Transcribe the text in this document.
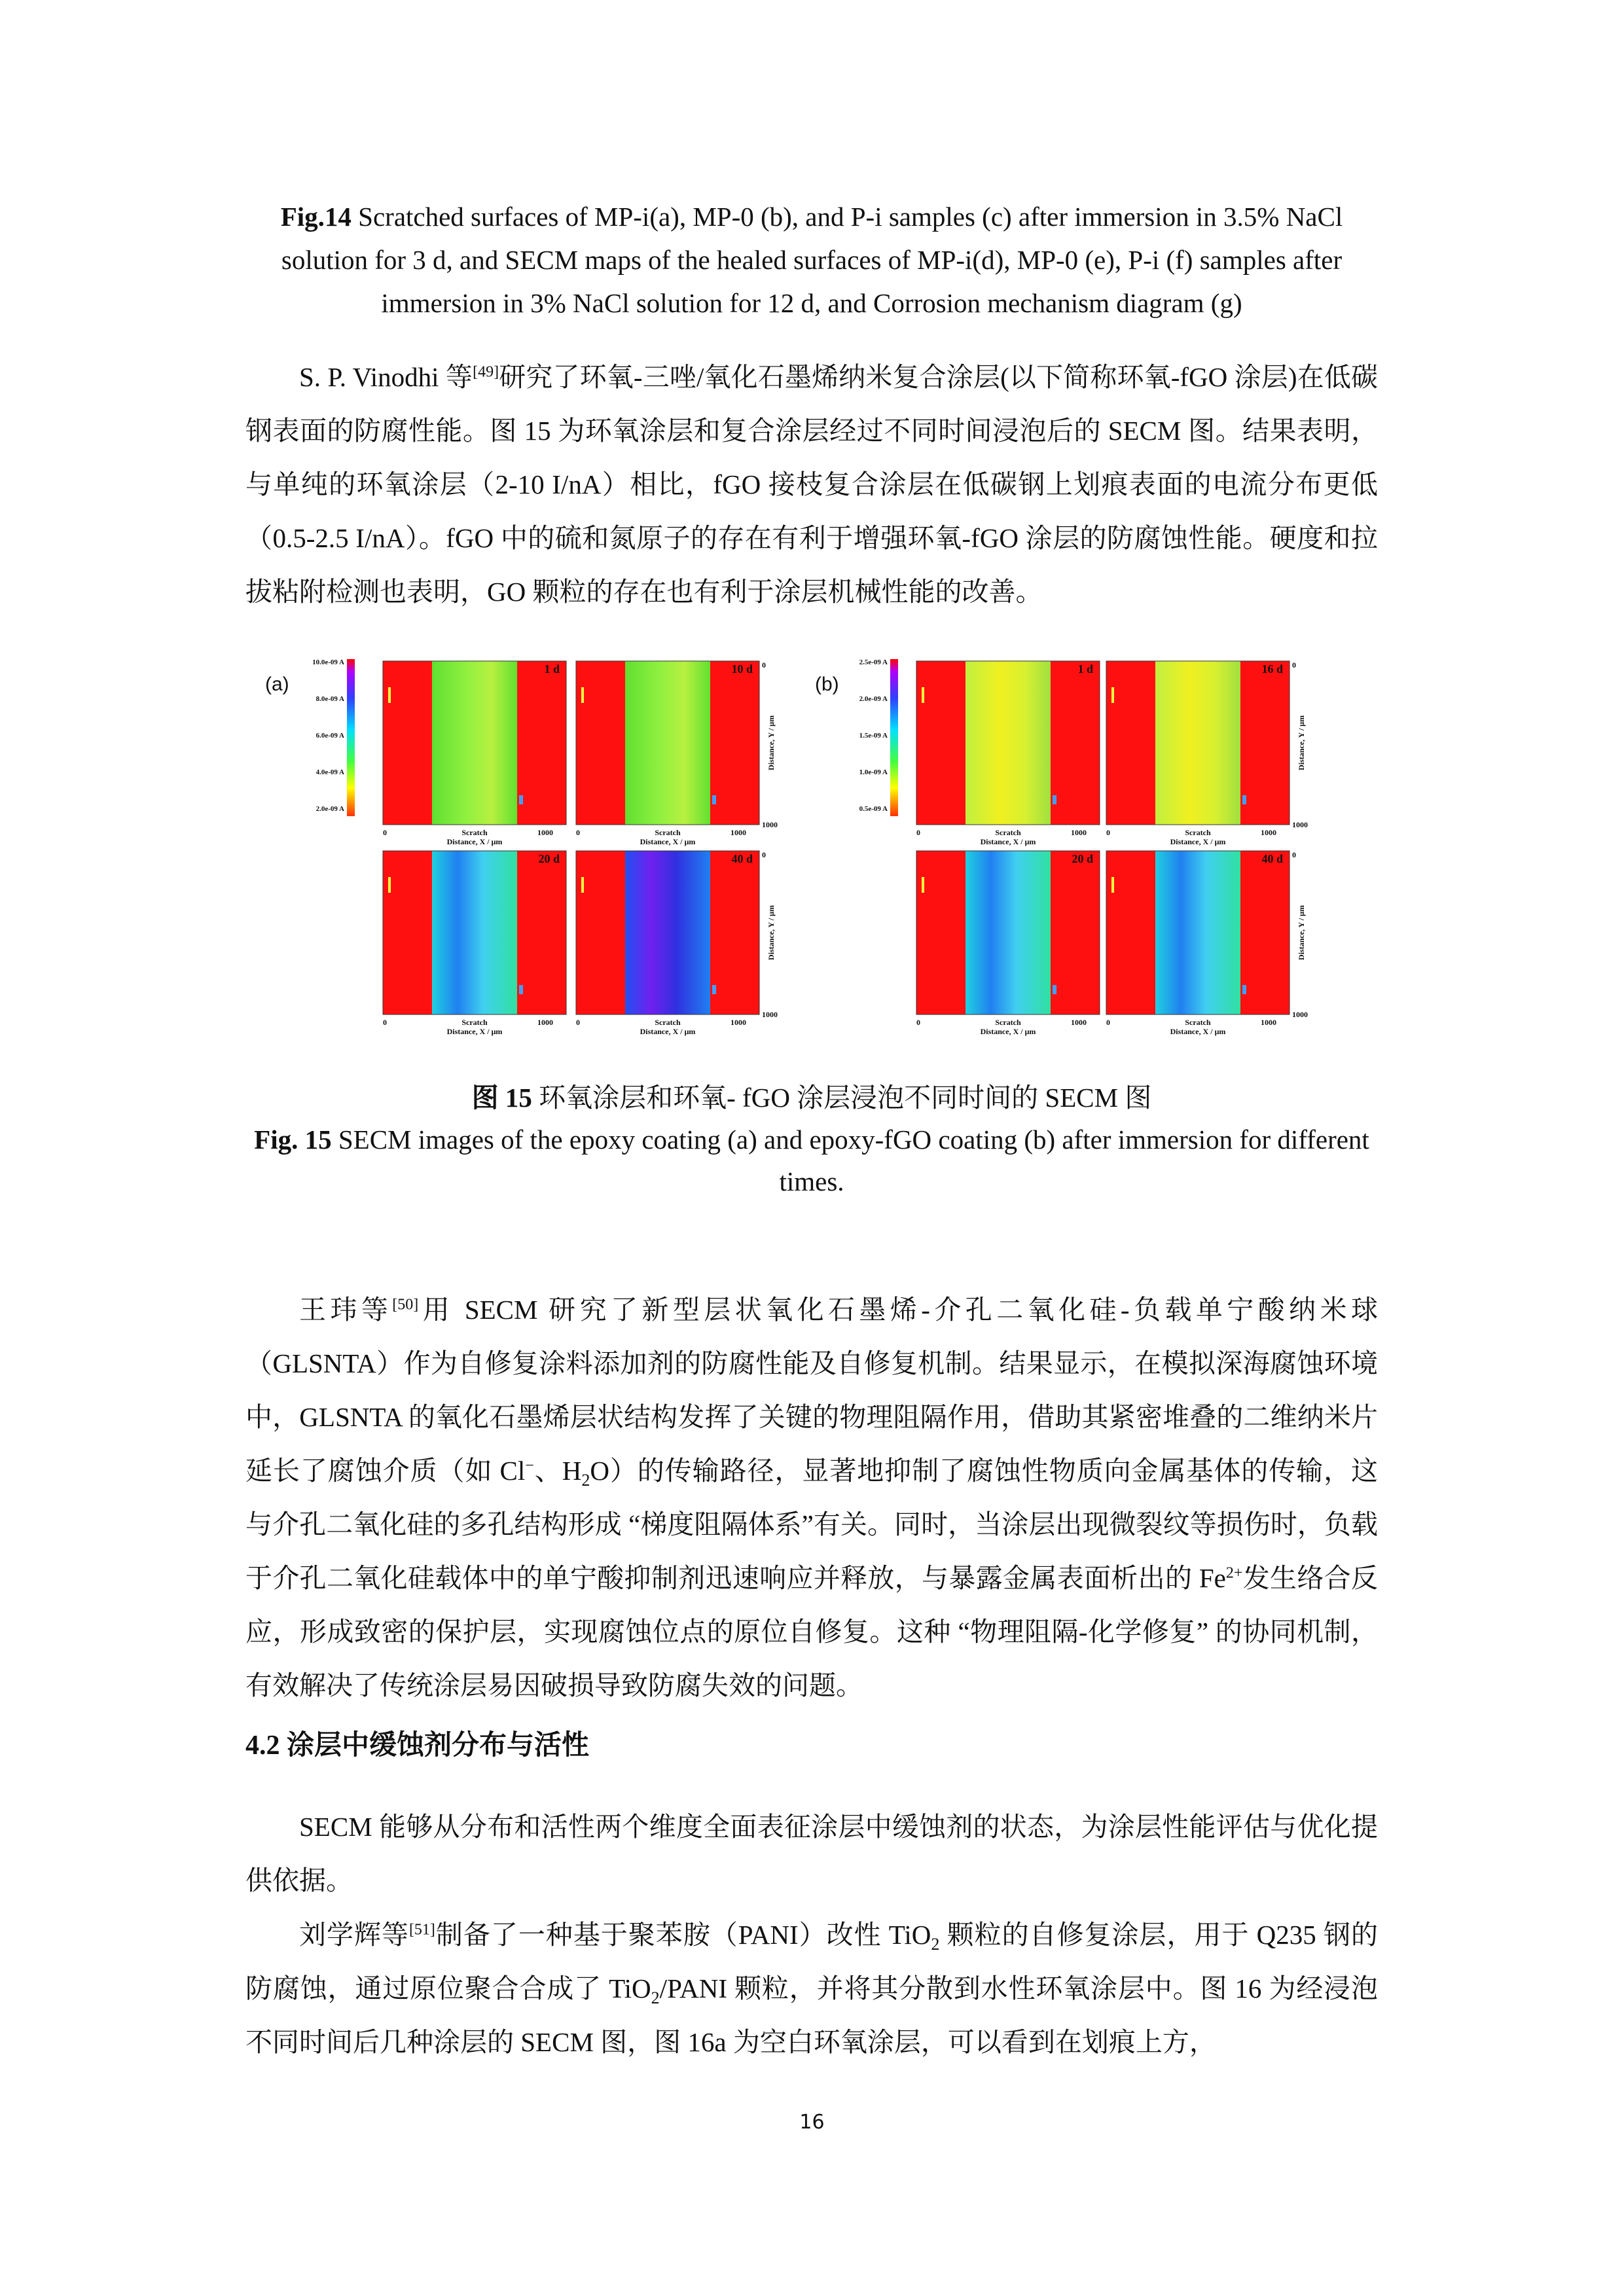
Fig.14 Scratched surfaces of MP-i(a), MP-0 (b), and P-i samples (c) after immersion in 3.5% NaCl solution for 3 d, and SECM maps of the healed surfaces of MP-i(d), MP-0 (e), P-i (f) samples after immersion in 3% NaCl solution for 12 d, and Corrosion mechanism diagram (g)
S. P. Vinodhi 等[49]研究了环氧-三唑/氧化石墨烯纳米复合涂层(以下简称环氧-fGO 涂层)在低碳钢表面的防腐性能。图 15 为环氧涂层和复合涂层经过不同时间浸泡后的 SECM 图。结果表明，与单纯的环氧涂层（2-10 I/nA）相比，fGO 接枝复合涂层在低碳钢上划痕表面的电流分布更低（0.5-2.5 I/nA）。fGO 中的硫和氮原子的存在有利于增强环氧-fGO 涂层的防腐蚀性能。硬度和拉拔粘附检测也表明，GO 颗粒的存在也有利于涂层机械性能的改善。
(a)
10.0e-09 A
8.0e-09 A
6.0e-09 A
4.0e-09 A
2.0e-09 A
1 d
0	1000
Scratch
Distance, X / μm
10 d
0	1000
Scratch
Distance, X / μm
0
1000
Distance, Y / μm
20 d
0	1000
Scratch
Distance, X / μm
40 d
0	1000
Scratch
Distance, X / μm
0
1000
Distance, Y / μm
(b)
2.5e-09 A
2.0e-09 A
1.5e-09 A
1.0e-09 A
0.5e-09 A
1 d
0	1000
Scratch
Distance, X / μm
16 d
0	1000
Scratch
Distance, X / μm
0
1000
Distance, Y / μm
20 d
0	1000
Scratch
Distance, X / μm
40 d
0	1000
Scratch
Distance, X / μm
0
1000
Distance, Y / μm
图 15 环氧涂层和环氧- fGO 涂层浸泡不同时间的 SECM 图
Fig. 15 SECM images of the epoxy coating (a) and epoxy-fGO coating (b) after immersion for different times.
王玮等[50]用 SECM 研究了新型层状氧化石墨烯-介孔二氧化硅-负载单宁酸纳米球（GLSNTA）作为自修复涂料添加剂的防腐性能及自修复机制。结果显示，在模拟深海腐蚀环境中，GLSNTA 的氧化石墨烯层状结构发挥了关键的物理阻隔作用，借助其紧密堆叠的二维纳米片延长了腐蚀介质（如 Cl−、$H_2O$）的传输路径，显著地抑制了腐蚀性物质向金属基体的传输，这与介孔二氧化硅的多孔结构形成 “梯度阻隔体系”有关。同时，当涂层出现微裂纹等损伤时，负载于介孔二氧化硅载体中的单宁酸抑制剂迅速响应并释放，与暴露金属表面析出的 $Fe^{2+}$发生络合反应，形成致密的保护层，实现腐蚀位点的原位自修复。这种 “物理阻隔-化学修复” 的协同机制，有效解决了传统涂层易因破损导致防腐失效的问题。
4.2 涂层中缓蚀剂分布与活性
SECM 能够从分布和活性两个维度全面表征涂层中缓蚀剂的状态，为涂层性能评估与优化提供依据。
刘学辉等[51]制备了一种基于聚苯胺（PANI）改性 TiO$_2$ 颗粒的自修复涂层，用于 Q235 钢的防腐蚀，通过原位聚合合成了 TiO$_2$/PANI 颗粒，并将其分散到水性环氧涂层中。图 16 为经浸泡不同时间后几种涂层的 SECM 图，图 16a 为空白环氧涂层，可以看到在划痕上方，
16
